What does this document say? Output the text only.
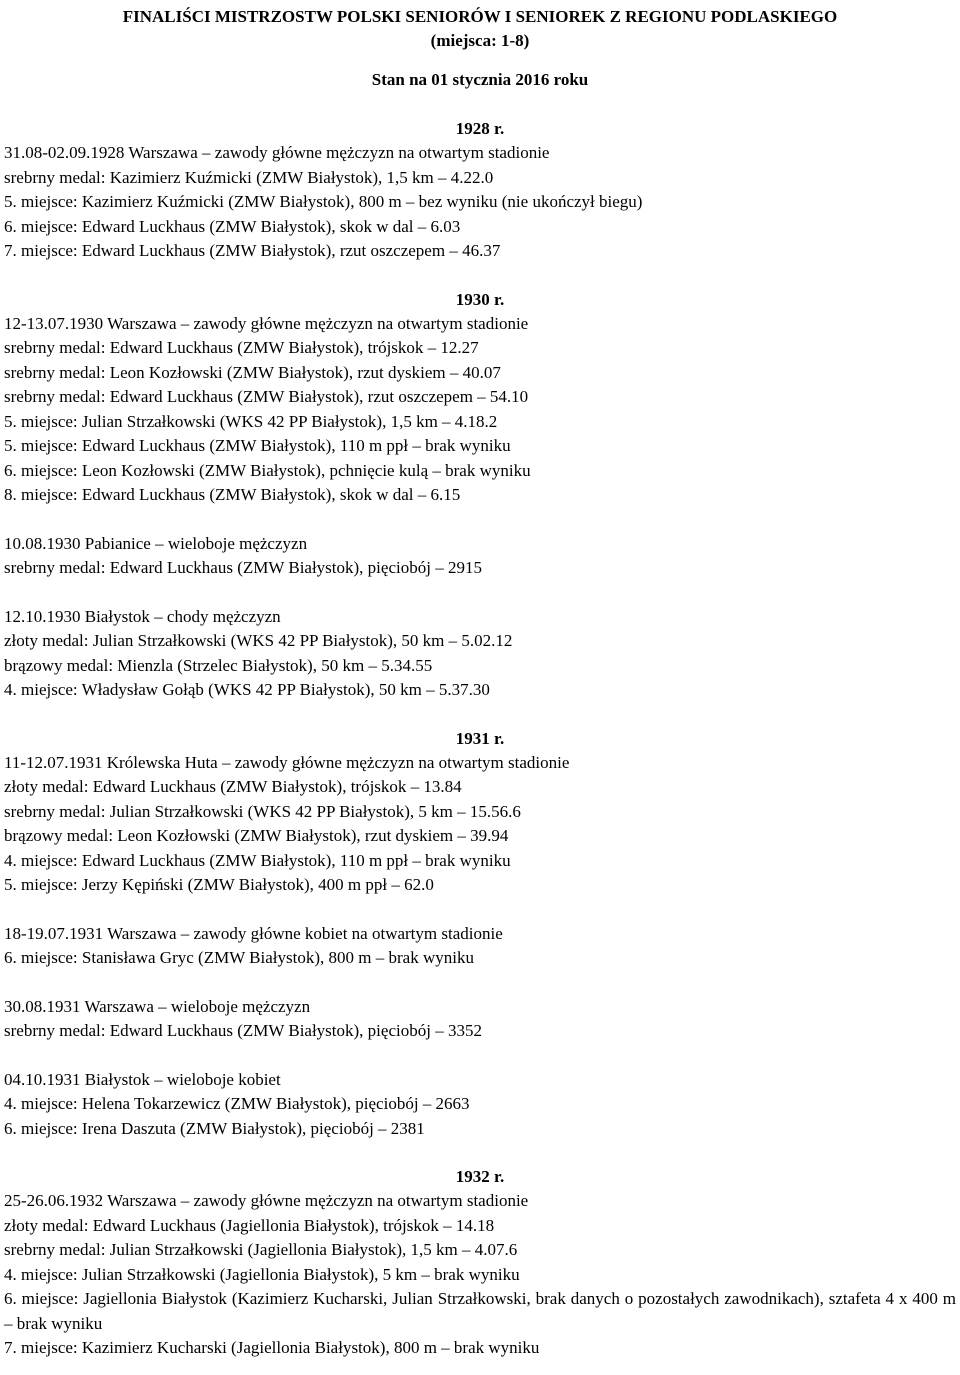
FINALIŚCI MISTRZOSTW POLSKI SENIORÓW I SENIOREK Z REGIONU PODLASKIEGO

(miejsca: 1-8)

Stan na 01 stycznia 2016 roku

1928 r.

31.08-02.09.1928 Warszawa – zawody główne mężczyzn na otwartym stadionie

srebrny medal: Kazimierz Kuźmicki (ZMW Białystok), 1,5 km – 4.22.0

5. miejsce: Kazimierz Kuźmicki (ZMW Białystok), 800 m – bez wyniku (nie ukończył biegu)

6. miejsce: Edward Luckhaus (ZMW Białystok), skok w dal – 6.03

7. miejsce: Edward Luckhaus (ZMW Białystok), rzut oszczepem – 46.37

1930 r.

12-13.07.1930 Warszawa – zawody główne mężczyzn na otwartym stadionie

srebrny medal: Edward Luckhaus (ZMW Białystok), trójskok – 12.27

srebrny medal: Leon Kozłowski (ZMW Białystok), rzut dyskiem – 40.07

srebrny medal: Edward Luckhaus (ZMW Białystok), rzut oszczepem – 54.10

5. miejsce: Julian Strzałkowski (WKS 42 PP Białystok), 1,5 km – 4.18.2

5. miejsce: Edward Luckhaus (ZMW Białystok), 110 m ppł – brak wyniku

6. miejsce: Leon Kozłowski (ZMW Białystok), pchnięcie kulą – brak wyniku

8. miejsce: Edward Luckhaus (ZMW Białystok), skok w dal – 6.15

10.08.1930 Pabianice – wieloboje mężczyzn

srebrny medal: Edward Luckhaus (ZMW Białystok), pięciobój – 2915

12.10.1930 Białystok – chody mężczyzn

złoty medal: Julian Strzałkowski (WKS 42 PP Białystok), 50 km – 5.02.12

brązowy medal: Mienzla (Strzelec Białystok), 50 km – 5.34.55

4. miejsce: Władysław Gołąb (WKS 42 PP Białystok), 50 km – 5.37.30

1931 r.

11-12.07.1931 Królewska Huta – zawody główne mężczyzn na otwartym stadionie

złoty medal: Edward Luckhaus (ZMW Białystok), trójskok – 13.84

srebrny medal: Julian Strzałkowski (WKS 42 PP Białystok), 5 km – 15.56.6

brązowy medal: Leon Kozłowski (ZMW Białystok), rzut dyskiem – 39.94

4. miejsce: Edward Luckhaus (ZMW Białystok), 110 m ppł – brak wyniku

5. miejsce: Jerzy Kępiński (ZMW Białystok), 400 m ppł – 62.0

18-19.07.1931 Warszawa – zawody główne kobiet na otwartym stadionie

6. miejsce: Stanisława Gryc (ZMW Białystok), 800 m – brak wyniku

30.08.1931 Warszawa – wieloboje mężczyzn

srebrny medal: Edward Luckhaus (ZMW Białystok), pięciobój – 3352

04.10.1931 Białystok – wieloboje kobiet

4. miejsce: Helena Tokarzewicz (ZMW Białystok), pięciobój – 2663

6. miejsce: Irena Daszuta (ZMW Białystok), pięciobój – 2381

1932 r.

25-26.06.1932 Warszawa – zawody główne mężczyzn na otwartym stadionie

złoty medal: Edward Luckhaus (Jagiellonia Białystok), trójskok – 14.18

srebrny medal: Julian Strzałkowski (Jagiellonia Białystok), 1,5 km – 4.07.6

4. miejsce: Julian Strzałkowski (Jagiellonia Białystok), 5 km – brak wyniku

6. miejsce: Jagiellonia Białystok (Kazimierz Kucharski, Julian Strzałkowski, brak danych o pozostałych zawodnikach), sztafeta 4 x 400 m – brak wyniku

7. miejsce: Kazimierz Kucharski (Jagiellonia Białystok), 800 m – brak wyniku
